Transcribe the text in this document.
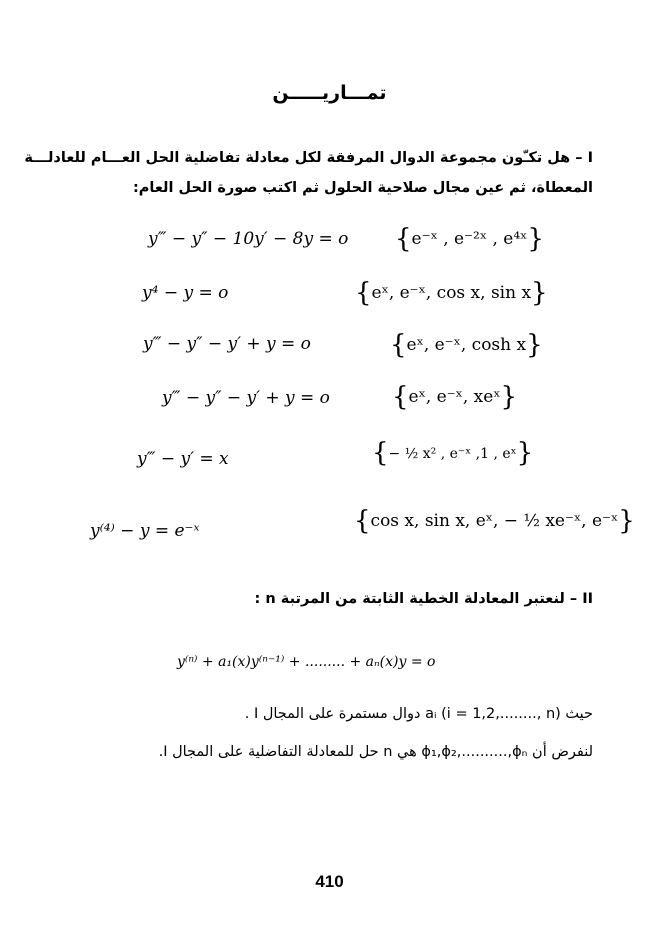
تمـــاريـــــن
I – هل تكـّون مجموعة الدوال المرفقة لكل معادلة تفاضلية الحل العـــام للعادلـــة
المعطاة، ثم عين مجال صلاحية الحلول ثم اكتب صورة الحل العام:
y‴ − y″ − 10y′ − 8y = o {e⁻ˣ , e⁻²ˣ , e⁴ˣ}
y⁴ − y = o	{eˣ, e⁻ˣ, cos x, sin x}
y‴ − y″ − y′ + y = o	{eˣ, e⁻ˣ, cosh x}
y‴ − y″ − y′ + y = o {eˣ, e⁻ˣ, xeˣ}
y‴ − y′ = x	{− ½ x² , e⁻ˣ ,1 , eˣ}
y⁽⁴⁾ − y = e⁻ˣ	{cos x, sin x, eˣ, − ½ xe⁻ˣ, e⁻ˣ}
II – لنعتبر المعادلة الخطية الثابتة من المرتبة n :
y⁽ⁿ⁾ + a₁(x)y⁽ⁿ⁻¹⁾ + ......... + aₙ(x)y = o
حيث aᵢ (i = 1,2,........, n) دوال مستمرة على المجال I .
لنفرض أن ϕ₁,ϕ₂,..........,ϕₙ هي n حل للمعادلة التفاضلية على المجال I.
410
